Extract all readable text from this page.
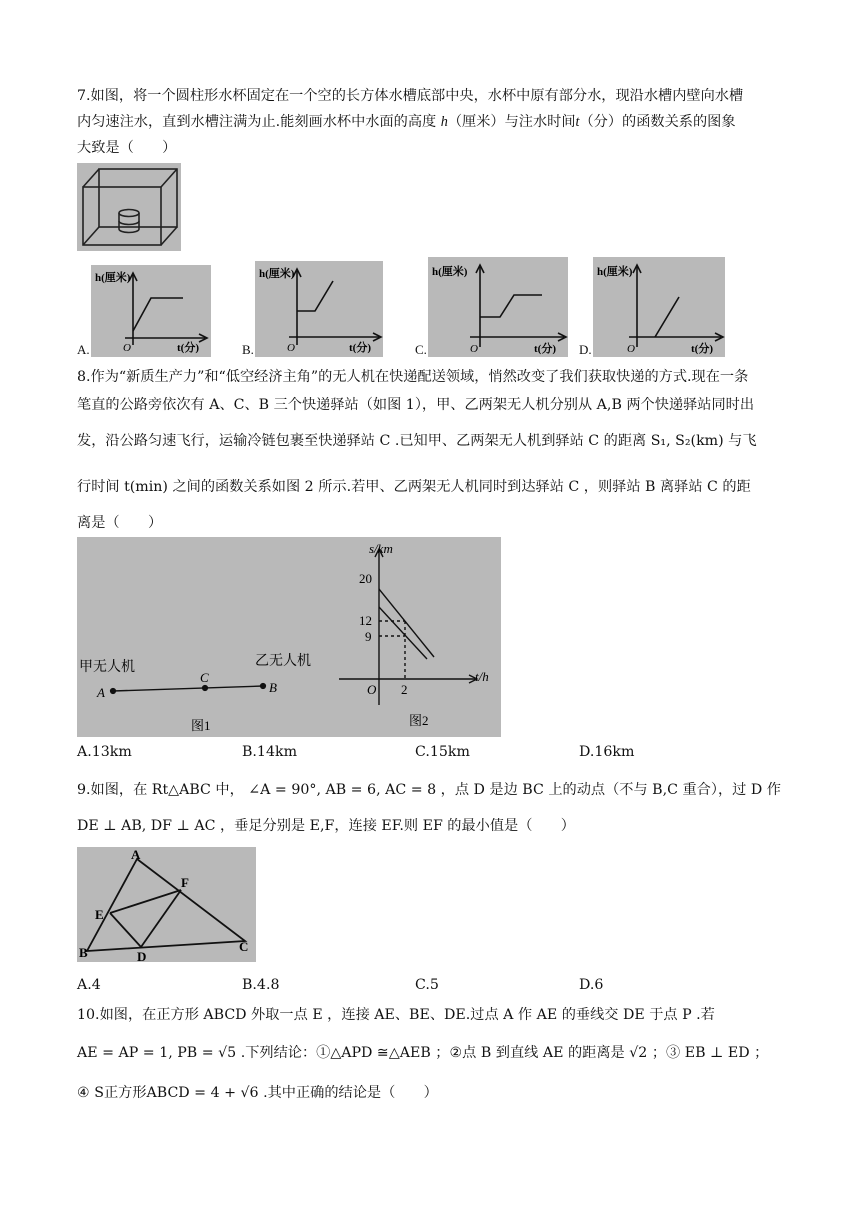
7.如图，将一个圆柱形水杯固定在一个空的长方体水槽底部中央，水杯中原有部分水，现沿水槽内壁向水槽
内匀速注水，直到水槽注满为止.能刻画水杯中水面的高度 h（厘米）与注水时间t（分）的函数关系的图象
大致是（　　）
A.
h(厘米)
O	t(分)	B.
h(厘米)
O	t(分)	C.
h(厘米)
O	t(分) D.
h(厘米)
O	t(分)
8.作为“新质生产力”和“低空经济主角”的无人机在快递配送领域，悄然改变了我们获取快递的方式.现在一条
笔直的公路旁依次有 A、C、B 三个快递驿站（如图 1），甲、乙两架无人机分别从 A,B 两个快递驿站同时出
发，沿公路匀速飞行，运输冷链包裹至快递驿站 C .已知甲、乙两架无人机到驿站 C 的距离 S₁, S₂(km) 与飞
行时间 t(min) 之间的函数关系如图 2 所示.若甲、乙两架无人机同时到达驿站 C ，则驿站 B 离驿站 C 的距
离是（　　）
甲无人机	乙无人机
A
C
B
图1
s/km
t/h
20
12
9
2
O
图2
A.13km	B.14km	C.15km	D.16km
9.如图，在 Rt△ABC 中， ∠A = 90°, AB = 6, AC = 8 ，点 D 是边 BC 上的动点（不与 B,C 重合），过 D 作
DE ⊥ AB, DF ⊥ AC ，垂足分别是 E,F，连接 EF.则 EF 的最小值是（　　）
A
B	C
D
E
F
A.4	B.4.8	C.5	D.6
10.如图，在正方形 ABCD 外取一点 E ，连接 AE、BE、DE.过点 A 作 AE 的垂线交 DE 于点 P .若
AE = AP = 1, PB = √5 .下列结论：①△APD ≅△AEB ；②点 B 到直线 AE 的距离是 √2 ；③ EB ⊥ ED ；
④ S正方形ABCD = 4 + √6 .其中正确的结论是（　　）
